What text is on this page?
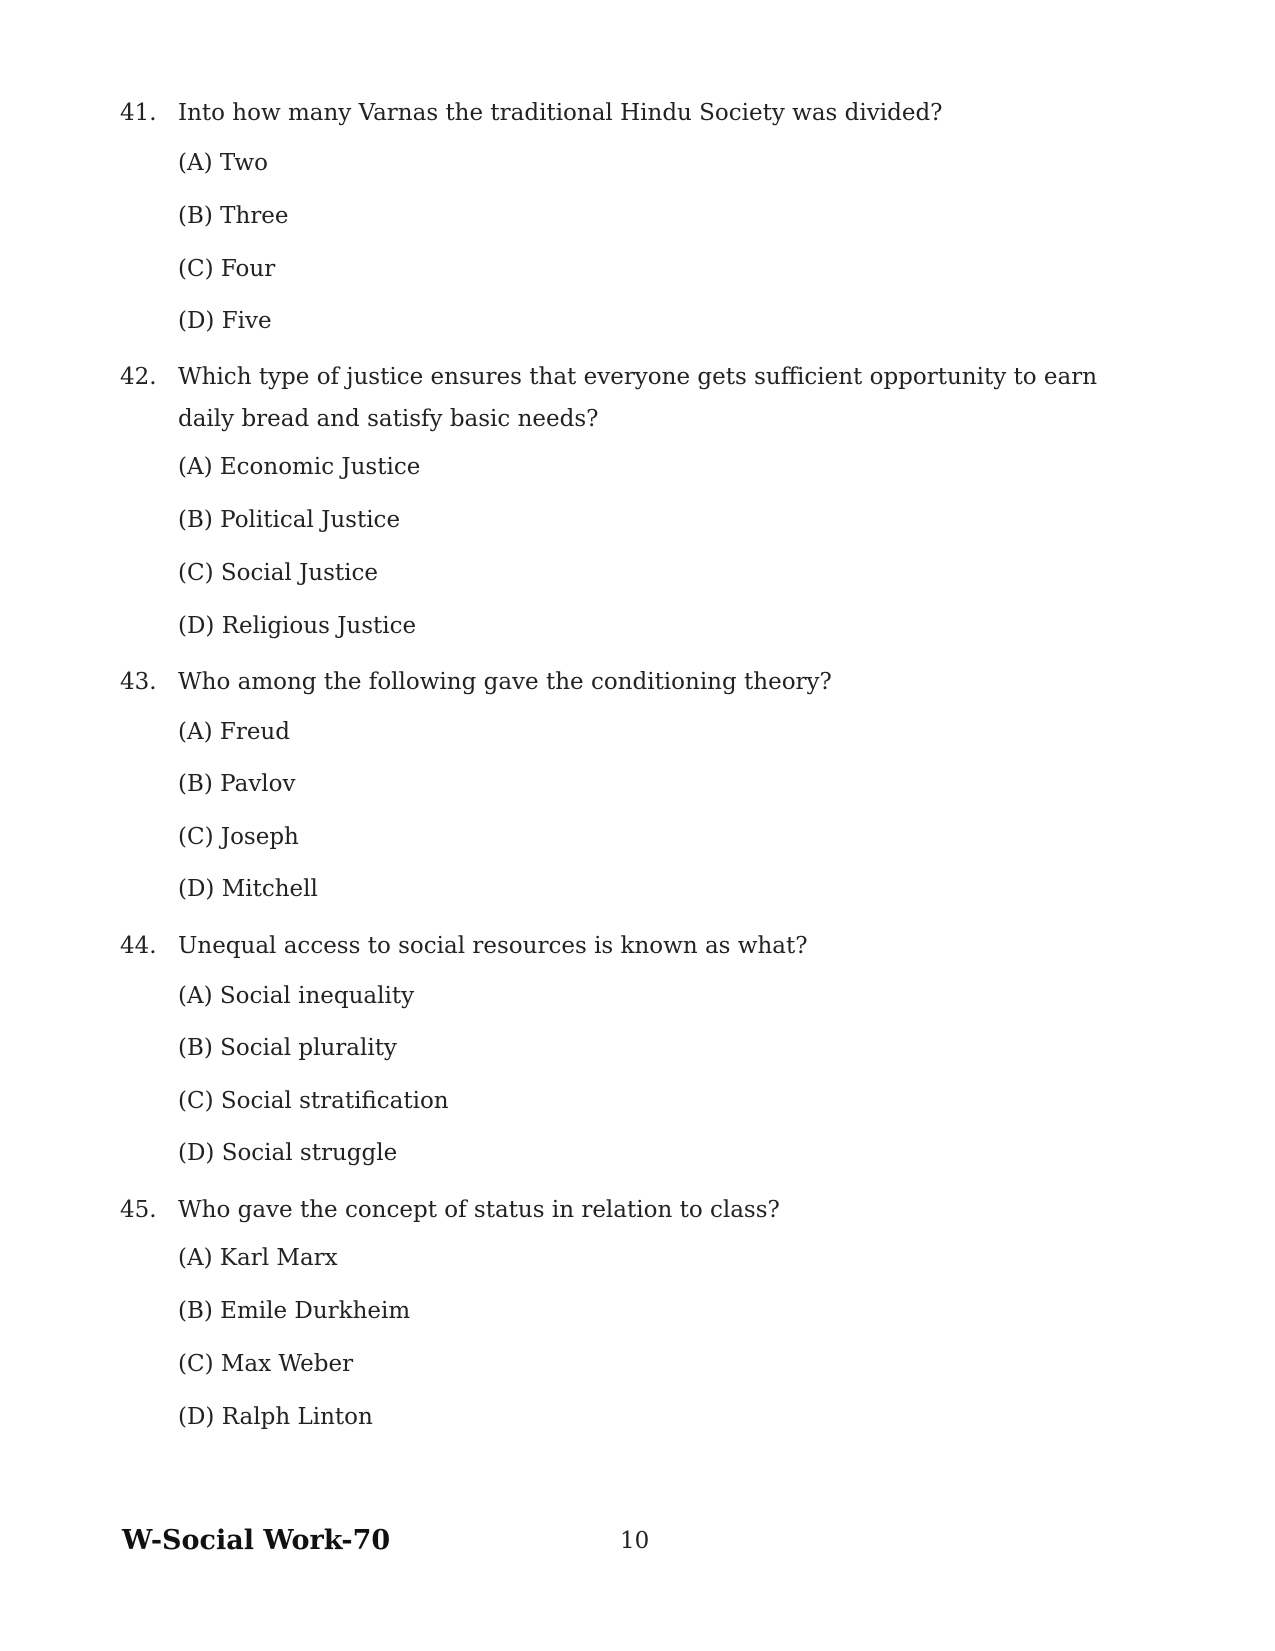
41. Into how many Varnas the traditional Hindu Society was divided?
(A) Two
(B) Three
(C) Four
(D) Five
42. Which type of justice ensures that everyone gets sufficient opportunity to earn daily bread and satisfy basic needs?
(A) Economic Justice
(B) Political Justice
(C) Social Justice
(D) Religious Justice
43. Who among the following gave the conditioning theory?
(A) Freud
(B) Pavlov
(C) Joseph
(D) Mitchell
44. Unequal access to social resources is known as what?
(A) Social inequality
(B) Social plurality
(C) Social stratification
(D) Social struggle
45. Who gave the concept of status in relation to class?
(A) Karl Marx
(B) Emile Durkheim
(C) Max Weber
(D) Ralph Linton
W-Social Work-70	10
